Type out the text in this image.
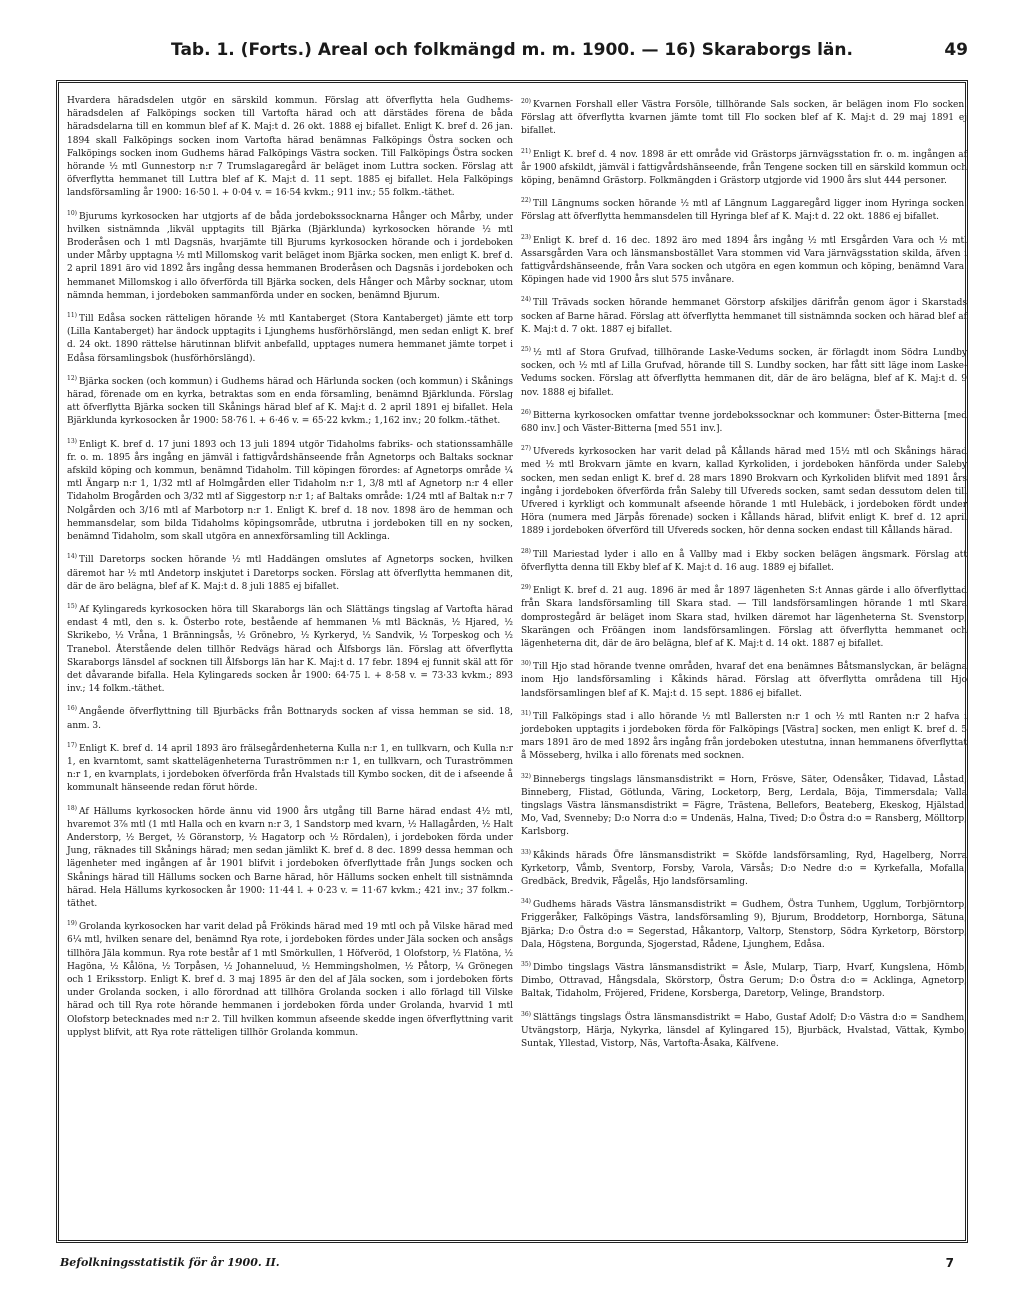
Tab. 1. (Forts.) Areal och folkmängd m. m. 1900. — 16) Skaraborgs län.	49

Hvardera häradsdelen utgör en särskild kommun. Förslag att öfverflytta hela Gudhems-häradsdelen af Falköpings socken till Vartofta härad och att därstädes förena de båda häradsdelarna till en kommun blef af K. Maj:t d. 26 okt. 1888 ej bifallet. Enligt K. bref d. 26 jan. 1894 skall Falköpings socken inom Vartofta härad benämnas Falköpings Östra socken och Falköpings socken inom Gudhems härad Falköpings Västra socken. Till Falköpings Östra socken hörande ½ mtl Gunnestorp n:r 7 Trumslagaregård är beläget inom Luttra socken. Förslag att öfverflytta hemmanet till Luttra blef af K. Maj:t d. 11 sept. 1885 ej bifallet. Hela Falköpings landsförsamling år 1900: 16·50 l. + 0·04 v. = 16·54 kvkm.; 911 inv.; 55 folkm.-täthet.

$^{10)}$ Bjurums kyrkosocken har utgjorts af de båda jordebokssocknarna Hånger och Mårby, under hvilken sistnämnda ,likväl upptagits till Bjärka (Bjärklunda) kyrkosocken hörande ½ mtl Broderåsen och 1 mtl Dagsnäs, hvarjämte till Bjurums kyrkosocken hörande och i jordeboken under Mårby upptagna ½ mtl Millomskog varit beläget inom Bjärka socken, men enligt K. bref d. 2 april 1891 äro vid 1892 års ingång dessa hemmanen Broderåsen och Dagsnäs i jordeboken och hemmanet Millomskog i allo öfverförda till Bjärka socken, dels Hånger och Mårby socknar, utom nämnda hemman, i jordeboken sammanförda under en socken, benämnd Bjurum.

$^{11)}$ Till Edåsa socken rätteligen hörande ½ mtl Kantaberget (Stora Kantaberget) jämte ett torp (Lilla Kantaberget) har ändock upptagits i Ljunghems husförhörslängd, men sedan enligt K. bref d. 24 okt. 1890 rättelse härutinnan blifvit anbefalld, upptages numera hemmanet jämte torpet i Edåsa församlingsbok (husförhörslängd).

$^{12)}$ Bjärka socken (och kommun) i Gudhems härad och Härlunda socken (och kommun) i Skånings härad, förenade om en kyrka, betraktas som en enda församling, benämnd Bjärklunda. Förslag att öfverflytta Bjärka socken till Skånings härad blef af K. Maj:t d. 2 april 1891 ej bifallet. Hela Bjärklunda kyrkosocken år 1900: 58·76 l. + 6·46 v. = 65·22 kvkm.; 1,162 inv.; 20 folkm.-täthet.

$^{13)}$ Enligt K. bref d. 17 juni 1893 och 13 juli 1894 utgör Tidaholms fabriks- och stationssamhälle fr. o. m. 1895 års ingång en jämväl i fattigvårdshänseende från Agnetorps och Baltaks socknar afskild köping och kommun, benämnd Tidaholm. Till köpingen förordes: af Agnetorps område ¼ mtl Ängarp n:r 1, 1/32 mtl af Holmgården eller Tidaholm n:r 1, 3/8 mtl af Agnetorp n:r 4 eller Tidaholm Brogården och 3/32 mtl af Siggestorp n:r 1; af Baltaks område: 1/24 mtl af Baltak n:r 7 Nolgården och 3/16 mtl af Marbotorp n:r 1. Enligt K. bref d. 18 nov. 1898 äro de hemman och hemmansdelar, som bilda Tidaholms köpingsområde, utbrutna i jordeboken till en ny socken, benämnd Tidaholm, som skall utgöra en annexförsamling till Acklinga.

$^{14)}$ Till Daretorps socken hörande ½ mtl Haddängen omslutes af Agnetorps socken, hvilken däremot har ½ mtl Andetorp inskjutet i Daretorps socken. Förslag att öfverflytta hemmanen dit, där de äro belägna, blef af K. Maj:t d. 8 juli 1885 ej bifallet.

$^{15)}$ Af Kylingareds kyrkosocken höra till Skaraborgs län och Slättängs tingslag af Vartofta härad endast 4 mtl, den s. k. Österbo rote, bestående af hemmanen ⅛ mtl Bäcknäs, ½ Hjared, ½ Skrikebo, ½ Vråna, 1 Bränningsås, ½ Grönebro, ½ Kyrkeryd, ½ Sandvik, ½ Torpeskog och ½ Tranebol. Återstående delen tillhör Redvägs härad och Ålfsborgs län. Förslag att öfverflytta Skaraborgs länsdel af socknen till Ålfsborgs län har K. Maj:t d. 17 febr. 1894 ej funnit skäl att för det dåvarande bifalla. Hela Kylingareds socken år 1900: 64·75 l. + 8·58 v. = 73·33 kvkm.; 893 inv.; 14 folkm.-täthet.

$^{16)}$ Angående öfverflyttning till Bjurbäcks från Bottnaryds socken af vissa hemman se sid. 18, anm. 3.

$^{17)}$ Enligt K. bref d. 14 april 1893 äro frälsegårdenheterna Kulla n:r 1, en tullkvarn, och Kulla n:r 1, en kvarntomt, samt skattelägenheterna Turaströmmen n:r 1, en tullkvarn, och Turaströmmen n:r 1, en kvarnplats, i jordeboken öfverförda från Hvalstads till Kymbo socken, dit de i afseende å kommunalt hänseende redan förut hörde.

$^{18)}$ Af Hällums kyrkosocken hörde ännu vid 1900 års utgång till Barne härad endast 4½ mtl, hvaremot 3⅞ mtl (1 mtl Halla och en kvarn n:r 3, 1 Sandstorp med kvarn, ½ Hallagården, ½ Halt Anderstorp, ½ Berget, ½ Göranstorp, ½ Hagatorp och ½ Rördalen), i jordeboken förda under Jung, räknades till Skånings härad; men sedan jämlikt K. bref d. 8 dec. 1899 dessa hemman och lägenheter med ingången af år 1901 blifvit i jordeboken öfverflyttade från Jungs socken och Skånings härad till Hällums socken och Barne härad, hör Hällums socken enhelt till sistnämnda härad. Hela Hällums kyrkosocken år 1900: 11·44 l. + 0·23 v. = 11·67 kvkm.; 421 inv.; 37 folkm.-täthet.

$^{19)}$ Grolanda kyrkosocken har varit delad på Frökinds härad med 19 mtl och på Vilske härad med 6¼ mtl, hvilken senare del, benämnd Rya rote, i jordeboken fördes under Jäla socken och ansågs tillhöra Jäla kommun. Rya rote består af 1 mtl Smörkullen, 1 Höfveröd, 1 Olofstorp, ½ Flatöna, ½ Hagöna, ½ Kålöna, ½ Torpåsen, ½ Johanneluud, ½ Hemmingsholmen, ½ Påtorp, ¼ Grönegen och 1 Eriksstorp. Enligt K. bref d. 3 maj 1895 är den del af Jäla socken, som i jordeboken förts under Grolanda socken, i allo förordnad att tillhöra Grolanda socken i allo förlagd till Vilske härad och till Rya rote hörande hemmanen i jordeboken förda under Grolanda, hvarvid 1 mtl Olofstorp betecknades med n:r 2. Till hvilken kommun afseende skedde ingen öfverflyttning varit upplyst blifvit, att Rya rote rätteligen tillhör Grolanda kommun.

$^{20)}$ Kvarnen Forshall eller Västra Forsöle, tillhörande Sals socken, är belägen inom Flo socken. Förslag att öfverflytta kvarnen jämte tomt till Flo socken blef af K. Maj:t d. 29 maj 1891 ej bifallet.

$^{21)}$ Enligt K. bref d. 4 nov. 1898 är ett område vid Grästorps järnvägsstation fr. o. m. ingången af år 1900 afskildt, jämväl i fattigvårdshänseende, från Tengene socken till en särskild kommun och köping, benämnd Grästorp. Folkmängden i Grästorp utgjorde vid 1900 års slut 444 personer.

$^{22)}$ Till Längnums socken hörande ½ mtl af Längnum Laggaregård ligger inom Hyringa socken. Förslag att öfverflytta hemmansdelen till Hyringa blef af K. Maj:t d. 22 okt. 1886 ej bifallet.

$^{23)}$ Enligt K. bref d. 16 dec. 1892 äro med 1894 års ingång ½ mtl Ersgården Vara och ½ mtl Assarsgården Vara och länsmansbostället Vara stommen vid Vara järnvägsstation skilda, äfven i fattigvårdshänseende, från Vara socken och utgöra en egen kommun och köping, benämnd Vara. Köpingen hade vid 1900 års slut 575 invånare.

$^{24)}$ Till Trävads socken hörande hemmanet Görstorp afskiljes därifrån genom ägor i Skarstads socken af Barne härad. Förslag att öfverflytta hemmanet till sistnämnda socken och härad blef af K. Maj:t d. 7 okt. 1887 ej bifallet.

$^{25)}$ ½ mtl af Stora Grufvad, tillhörande Laske-Vedums socken, är förlagdt inom Södra Lundby socken, och ½ mtl af Lilla Grufvad, hörande till S. Lundby socken, har fått sitt läge inom Laske-Vedums socken. Förslag att öfverflytta hemmanen dit, där de äro belägna, blef af K. Maj:t d. 9 nov. 1888 ej bifallet.

$^{26)}$ Bitterna kyrkosocken omfattar tvenne jordebokssocknar och kommuner: Öster-Bitterna [med 680 inv.] och Väster-Bitterna [med 551 inv.].

$^{27)}$ Ufvereds kyrkosocken har varit delad på Kållands härad med 15½ mtl och Skånings härad med ½ mtl Brokvarn jämte en kvarn, kallad Kyrkoliden, i jordeboken hänförda under Saleby socken, men sedan enligt K. bref d. 28 mars 1890 Brokvarn och Kyrkoliden blifvit med 1891 års ingång i jordeboken öfverförda från Saleby till Ufvereds socken, samt sedan dessutom delen till Ufvered i kyrkligt och kommunalt afseende hörande 1 mtl Hulebäck, i jordeboken fördt under Höra (numera med Järpås förenade) socken i Kållands härad, blifvit enligt K. bref d. 12 april 1889 i jordeboken öfverförd till Ufvereds socken, hör denna socken endast till Kållands härad.

$^{28)}$ Till Mariestad lyder i allo en å Vallby mad i Ekby socken belägen ängsmark. Förslag att öfverflytta denna till Ekby blef af K. Maj:t d. 16 aug. 1889 ej bifallet.

$^{29)}$ Enligt K. bref d. 21 aug. 1896 är med år 1897 lägenheten S:t Annas gärde i allo öfverflyttad från Skara landsförsamling till Skara stad. — Till landsförsamlingen hörande 1 mtl Skara domprostegård är beläget inom Skara stad, hvilken däremot har lägenheterna St. Svenstorp, Skarängen och Fröängen inom landsförsamlingen. Förslag att öfverflytta hemmanet och lägenheterna dit, där de äro belägna, blef af K. Maj:t d. 14 okt. 1887 ej bifallet.

$^{30)}$ Till Hjo stad hörande tvenne områden, hvaraf det ena benämnes Båtsmanslyckan, är belägna inom Hjo landsförsamling i Kåkinds härad. Förslag att öfverflytta områdena till Hjo landsförsamlingen blef af K. Maj:t d. 15 sept. 1886 ej bifallet.

$^{31)}$ Till Falköpings stad i allo hörande ½ mtl Ballersten n:r 1 och ½ mtl Ranten n:r 2 hafva i jordeboken upptagits i jordeboken förda för Falköpings [Västra] socken, men enligt K. bref d. 5 mars 1891 äro de med 1892 års ingång från jordeboken utestutna, innan hemmanens öfverflyttat å Mösseberg, hvilka i allo förenats med socknen.

$^{32)}$ Binnebergs tingslags länsmansdistrikt = Horn, Frösve, Säter, Odensåker, Tidavad, Låstad, Binneberg, Flistad, Götlunda, Väring, Locketorp, Berg, Lerdala, Böja, Timmersdala; Valla tingslags Västra länsmansdistrikt = Fägre, Trästena, Bellefors, Beateberg, Ekeskog, Hjälstad, Mo, Vad, Svenneby; D:o Norra d:o = Undenäs, Halna, Tived; D:o Östra d:o = Ransberg, Mölltorp, Karlsborg.

$^{33)}$ Kåkinds härads Öfre länsmansdistrikt = Sköfde landsförsamling, Ryd, Hagelberg, Norra Kyrketorp, Våmb, Sventorp, Forsby, Varola, Värsås; D:o Nedre d:o = Kyrkefalla, Mofalla, Gredbäck, Bredvik, Fågelås, Hjo landsförsamling.

$^{34)}$ Gudhems härads Västra länsmansdistrikt = Gudhem, Östra Tunhem, Ugglum, Torbjörntorp, Friggeråker, Falköpings Västra, landsförsamling 9), Bjurum, Broddetorp, Hornborga, Sätuna, Bjärka; D:o Östra d:o = Segerstad, Håkantorp, Valtorp, Stenstorp, Södra Kyrketorp, Börstorp, Dala, Högstena, Borgunda, Sjogerstad, Rådene, Ljunghem, Edåsa.

$^{35)}$ Dimbo tingslags Västra länsmansdistrikt = Åsle, Mularp, Tiarp, Hvarf, Kungslena, Hömb, Dimbo, Ottravad, Hångsdala, Skörstorp, Östra Gerum; D:o Östra d:o = Acklinga, Agnetorp, Baltak, Tidaholm, Fröjered, Fridene, Korsberga, Daretorp, Velinge, Brandstorp.

$^{36)}$ Slättängs tingslags Östra länsmansdistrikt = Habo, Gustaf Adolf; D:o Västra d:o = Sandhem, Utvängstorp, Härja, Nykyrka, länsdel af Kylingared 15), Bjurbäck, Hvalstad, Vättak, Kymbo, Suntak, Yllestad, Vistorp, Näs, Vartofta-Åsaka, Kälfvene.

Befolkningsstatistik för år 1900. II.	7
